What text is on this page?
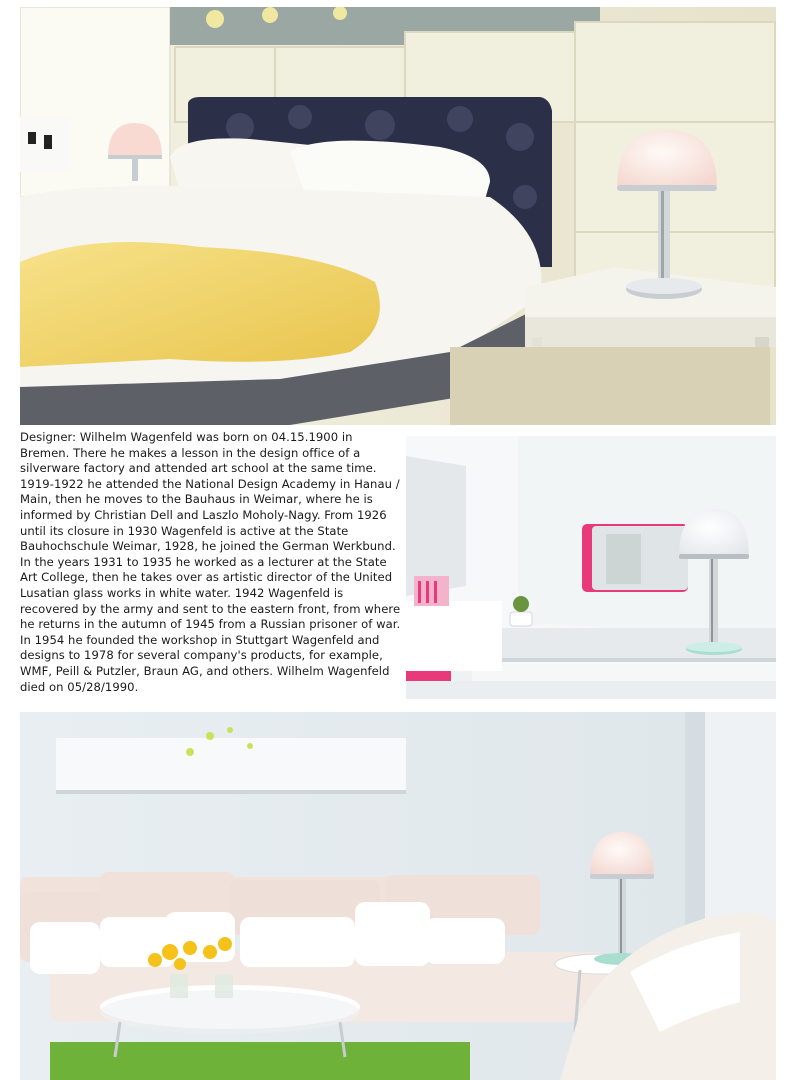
Designer: Wilhelm Wagenfeld was born on 04.15.1900 in Bremen. There he makes a lesson in the design office of a silverware factory and attended art school at the same time. 1919-1922 he attended the National Design Academy in Hanau / Main, then he moves to the Bauhaus in Weimar, where he is informed by Christian Dell and Laszlo Moholy-Nagy. From 1926 until its closure in 1930 Wagenfeld is active at the State Bauhochschule Weimar, 1928, he joined the German Werkbund. In the years 1931 to 1935 he worked as a lecturer at the State Art College, then he takes over as artistic director of the United Lusatian glass works in white water. 1942 Wagenfeld is recovered by the army and sent to the eastern front, from where he returns in the autumn of 1945 from a Russian prisoner of war. In 1954 he founded the workshop in Stuttgart Wagenfeld and designs to 1978 for several company's products, for example, WMF, Peill & Putzler, Braun AG, and others. Wilhelm Wagenfeld died on 05/28/1990.
